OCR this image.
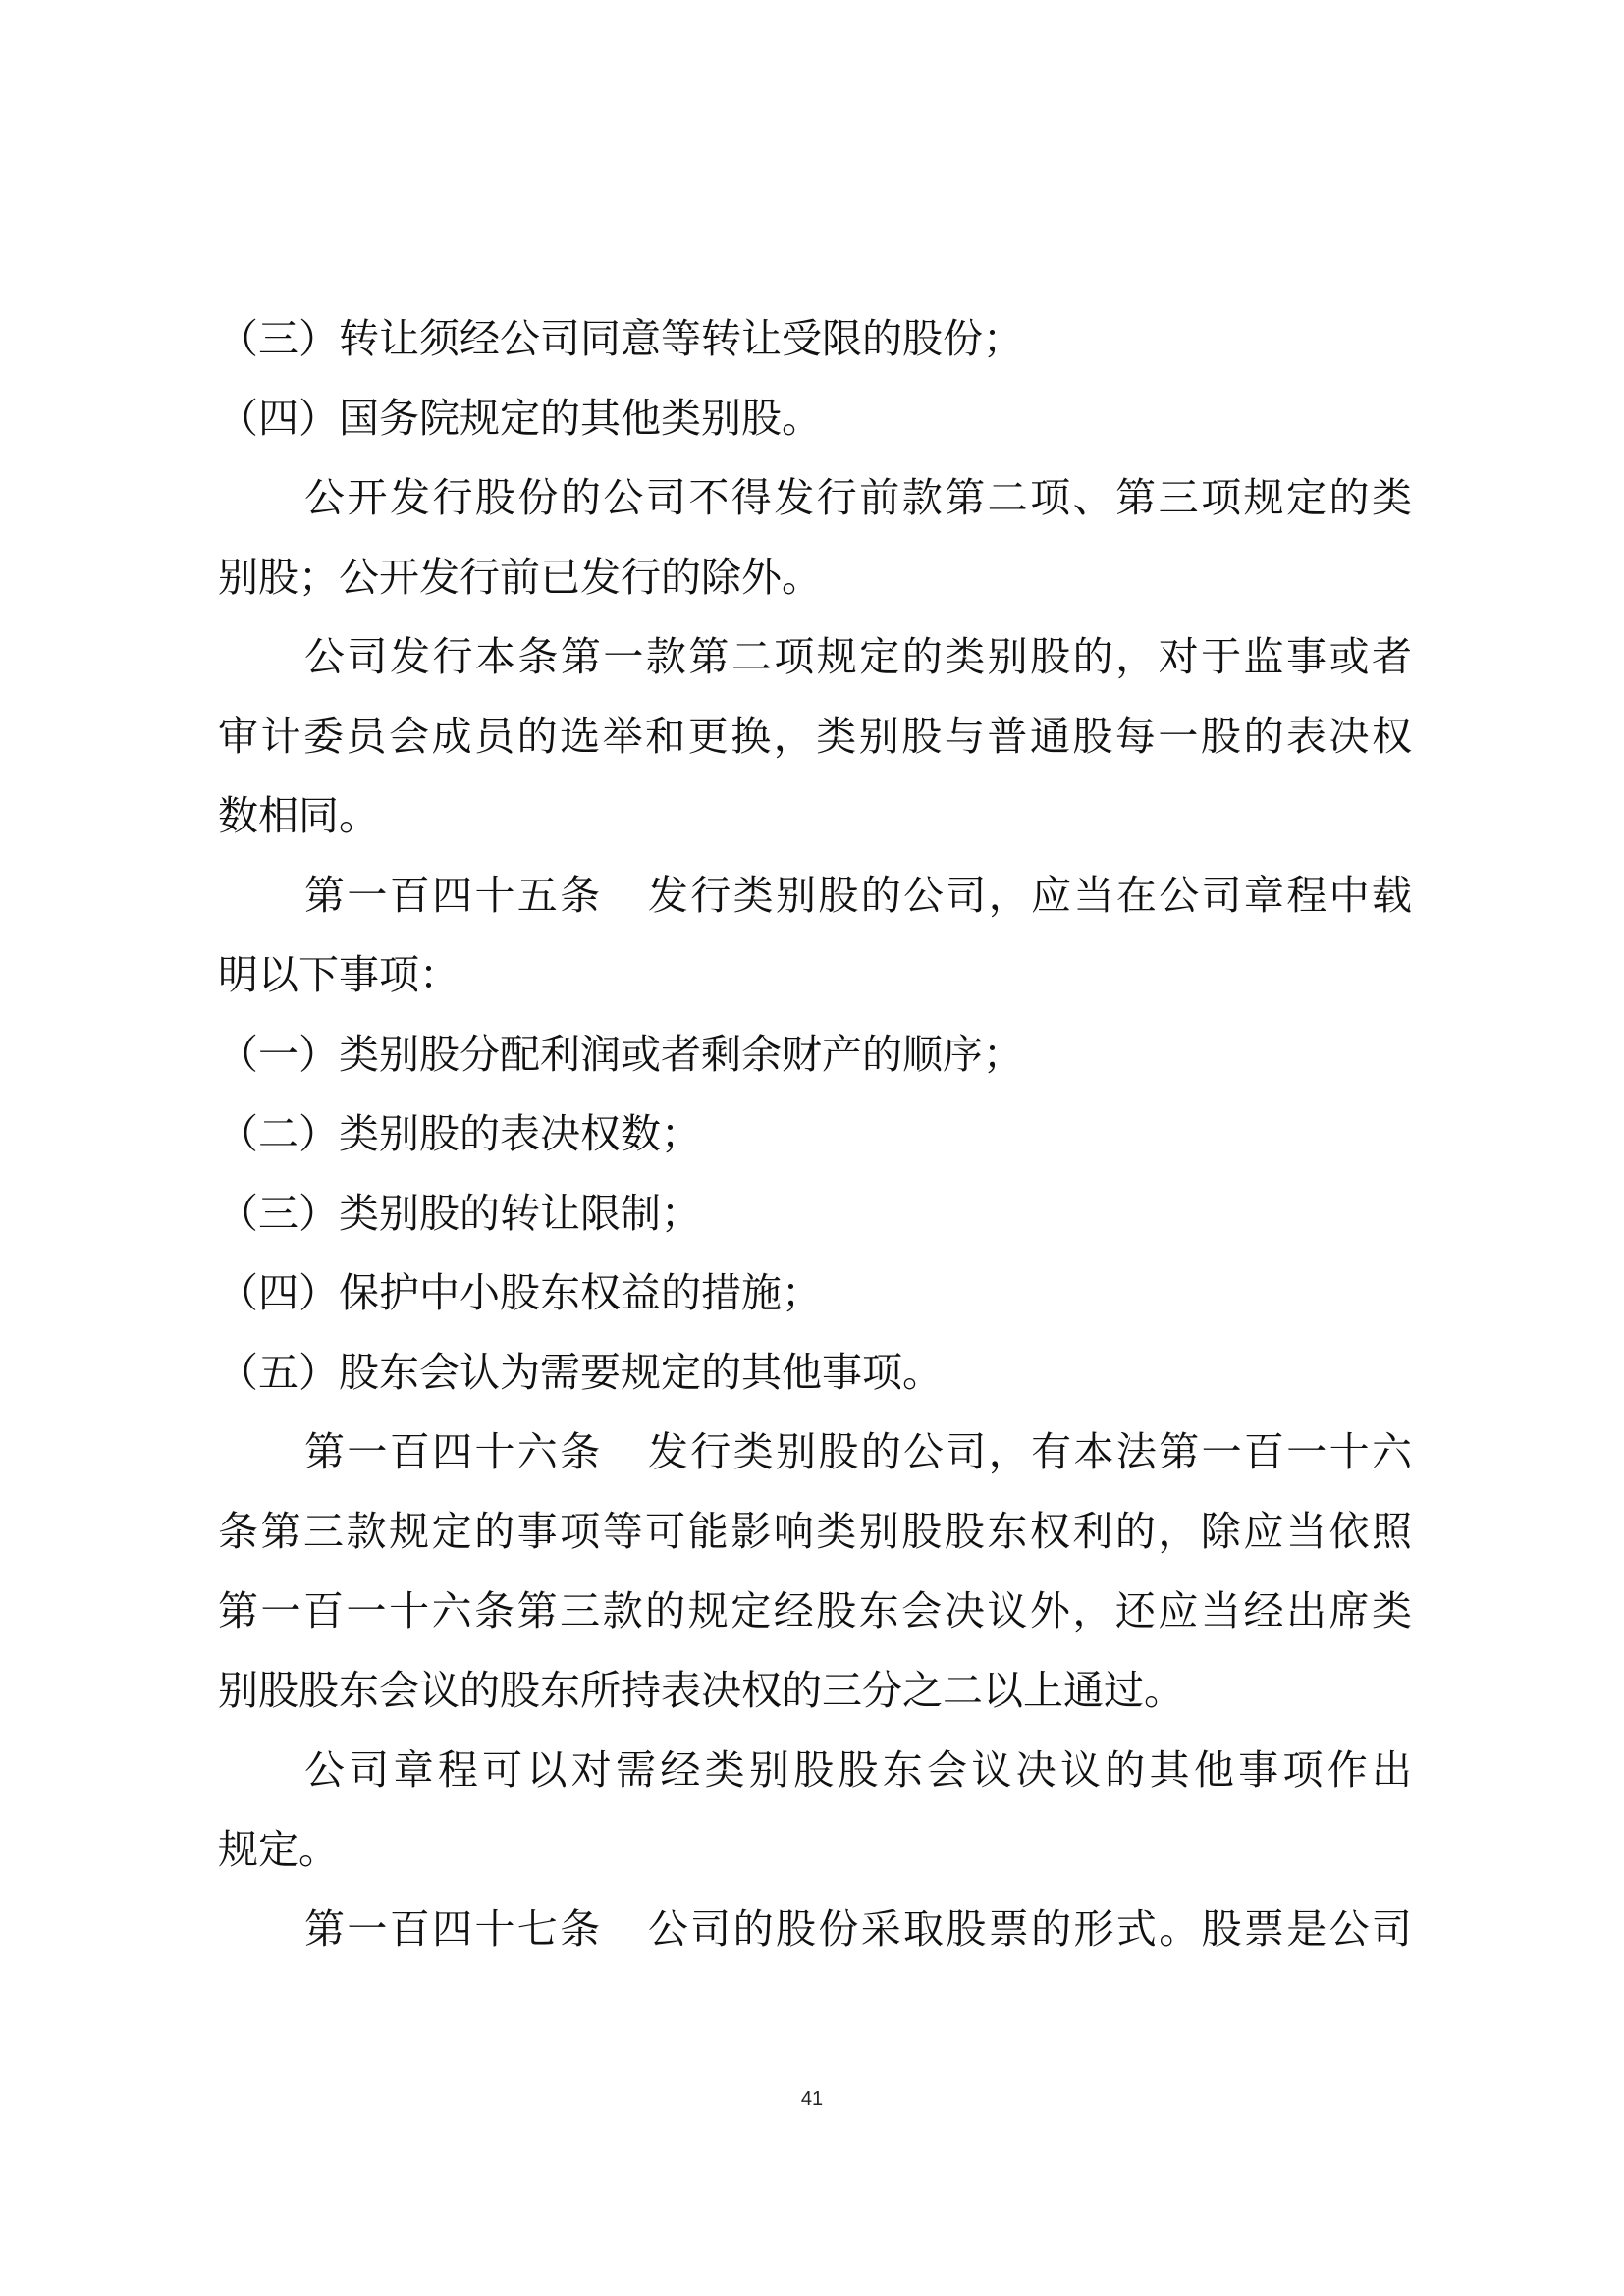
（三）转让须经公司同意等转让受限的股份；

（四）国务院规定的其他类别股。

公开发行股份的公司不得发行前款第二项、第三项规定的类

别股；公开发行前已发行的除外。

公司发行本条第一款第二项规定的类别股的，对于监事或者

审计委员会成员的选举和更换，类别股与普通股每一股的表决权

数相同。

第一百四十五条 发行类别股的公司，应当在公司章程中载

明以下事项：

（一）类别股分配利润或者剩余财产的顺序；

（二）类别股的表决权数；

（三）类别股的转让限制；

（四）保护中小股东权益的措施；

（五）股东会认为需要规定的其他事项。

第一百四十六条 发行类别股的公司，有本法第一百一十六

条第三款规定的事项等可能影响类别股股东权利的，除应当依照

第一百一十六条第三款的规定经股东会决议外，还应当经出席类

别股股东会议的股东所持表决权的三分之二以上通过。

公司章程可以对需经类别股股东会议决议的其他事项作出

规定。

第一百四十七条 公司的股份采取股票的形式。股票是公司

41
